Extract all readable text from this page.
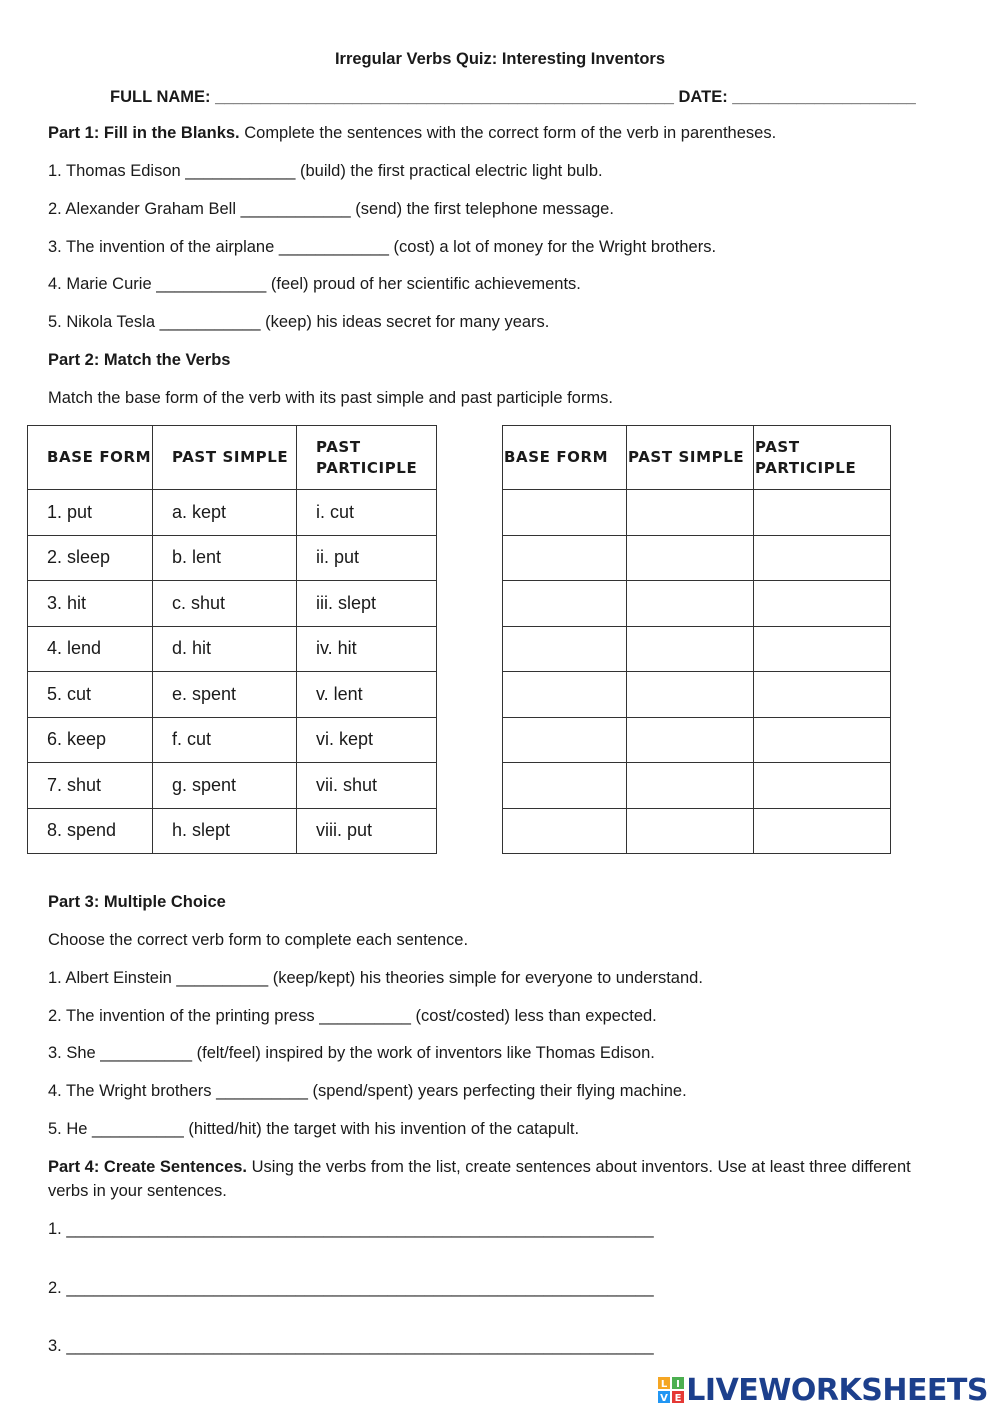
Irregular Verbs Quiz: Interesting Inventors
FULL NAME: __________________________________________________ DATE: ____________________
Part 1: Fill in the Blanks. Complete the sentences with the correct form of the verb in parentheses.
1. Thomas Edison ____________ (build) the first practical electric light bulb.
2. Alexander Graham Bell ____________ (send) the first telephone message.
3. The invention of the airplane ____________ (cost) a lot of money for the Wright brothers.
4. Marie Curie ____________ (feel) proud of her scientific achievements.
5. Nikola Tesla ___________ (keep) his ideas secret for many years.
Part 2: Match the Verbs
Match the base form of the verb with its past simple and past participle forms.
BASE FORM	PAST SIMPLE	PAST PARTICIPLE
1. put	a. kept	i. cut
2. sleep	b. lent	ii. put
3. hit	c. shut	iii. slept
4. lend	d. hit	iv. hit
5. cut	e. spent	v. lent
6. keep	f. cut	vi. kept
7. shut	g. spent	vii. shut
8. spend	h. slept	viii. put
BASE FORM	PAST SIMPLE	PAST PARTICIPLE

Part 3: Multiple Choice
Choose the correct verb form to complete each sentence.
1. Albert Einstein __________ (keep/kept) his theories simple for everyone to understand.
2. The invention of the printing press __________ (cost/costed) less than expected.
3. She __________ (felt/feel) inspired by the work of inventors like Thomas Edison.
4. The Wright brothers __________ (spend/spent) years perfecting their flying machine.
5. He __________ (hitted/hit) the target with his invention of the catapult.
Part 4: Create Sentences. Using the verbs from the list, create sentences about inventors. Use at least three different
verbs in your sentences.
1. ________________________________________________________________
2. ________________________________________________________________
3. ________________________________________________________________
L I
V E LIVEWORKSHEETS
